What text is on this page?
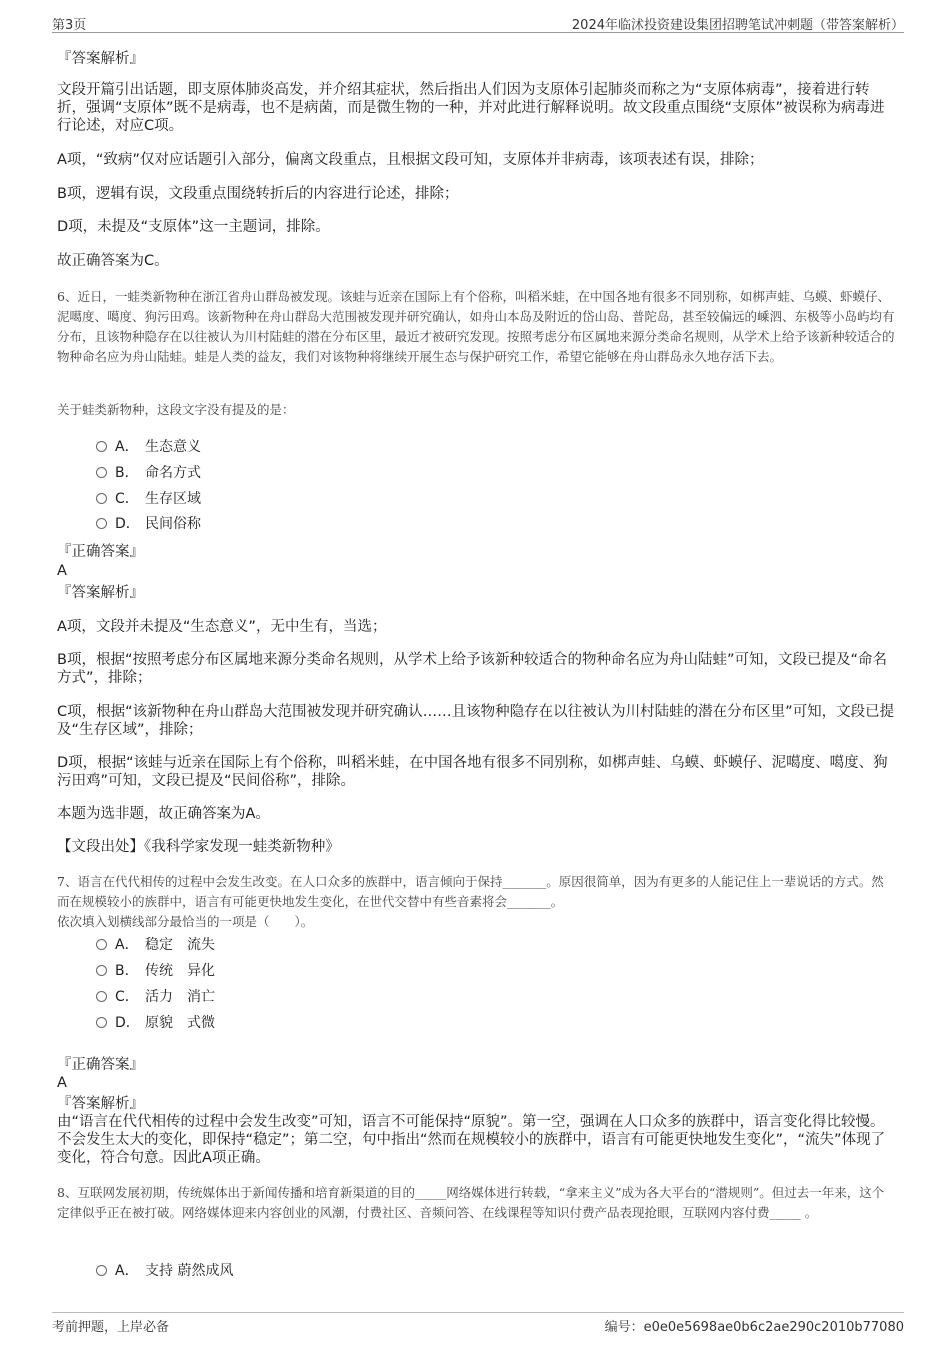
第3页	2024年临沭投资建设集团招聘笔试冲刺题（带答案解析）
『答案解析』
文段开篇引出话题，即支原体肺炎高发，并介绍其症状，然后指出人们因为支原体引起肺炎而称之为“支原体病毒”，接着进行转折，强调“支原体”既不是病毒，也不是病菌，而是微生物的一种，并对此进行解释说明。故文段重点围绕“支原体”被误称为病毒进行论述，对应C项。
A项，“致病”仅对应话题引入部分，偏离文段重点，且根据文段可知，支原体并非病毒，该项表述有误，排除；
B项，逻辑有误，文段重点围绕转折后的内容进行论述，排除；
D项，未提及“支原体”这一主题词，排除。
故正确答案为C。
6、近日，一蛙类新物种在浙江省舟山群岛被发现。该蛙与近亲在国际上有个俗称，叫稻米蛙，在中国各地有很多不同别称，如梆声蛙、乌蟆、虾蟆仔、泥噶度、噶度、狗污田鸡。该新物种在舟山群岛大范围被发现并研究确认，如舟山本岛及附近的岱山岛、普陀岛，甚至较偏远的嵊泗、东极等小岛屿均有分布，且该物种隐存在以往被认为川村陆蛙的潜在分布区里，最近才被研究发现。按照考虑分布区属地来源分类命名规则，从学术上给予该新种较适合的物种命名应为舟山陆蛙。蛙是人类的益友，我们对该物种将继续开展生态与保护研究工作，希望它能够在舟山群岛永久地存活下去。
关于蛙类新物种，这段文字没有提及的是：
A． 生态意义
B． 命名方式
C． 生存区域
D． 民间俗称
『正确答案』
A
『答案解析』
A项，文段并未提及“生态意义”，无中生有，当选；
B项，根据“按照考虑分布区属地来源分类命名规则，从学术上给予该新种较适合的物种命名应为舟山陆蛙”可知，文段已提及“命名方式”，排除；
C项，根据“该新物种在舟山群岛大范围被发现并研究确认……且该物种隐存在以往被认为川村陆蛙的潜在分布区里”可知，文段已提及“生存区域”，排除；
D项，根据“该蛙与近亲在国际上有个俗称，叫稻米蛙，在中国各地有很多不同别称，如梆声蛙、乌蟆、虾蟆仔、泥噶度、噶度、狗污田鸡”可知，文段已提及“民间俗称”，排除。
本题为选非题，故正确答案为A。
【文段出处】《我科学家发现一蛙类新物种》
7、语言在代代相传的过程中会发生改变。在人口众多的族群中，语言倾向于保持_______。原因很简单，因为有更多的人能记住上一辈说话的方式。然而在规模较小的族群中，语言有可能更快地发生变化，在世代交替中有些音素将会_______。
依次填入划横线部分最恰当的一项是（　　）。
A． 稳定　流失
B． 传统　异化
C． 活力　消亡
D． 原貌　式微
『正确答案』
A
『答案解析』
由“语言在代代相传的过程中会发生改变”可知，语言不可能保持“原貌”。第一空，强调在人口众多的族群中，语言变化得比较慢。不会发生太大的变化，即保持“稳定”；第二空，句中指出“然而在规模较小的族群中，语言有可能更快地发生变化”，“流失”体现了变化，符合句意。因此A项正确。
8、互联网发展初期，传统媒体出于新闻传播和培育新渠道的目的_____网络媒体进行转载，“拿来主义”成为各大平台的“潜规则”。但过去一年来，这个定律似乎正在被打破。网络媒体迎来内容创业的风潮，付费社区、音频问答、在线课程等知识付费产品表现抢眼，互联网内容付费_____ 。
A． 支持 蔚然成风
考前押题，上岸必备	编号：e0e0e5698ae0b6c2ae290c2010b77080
